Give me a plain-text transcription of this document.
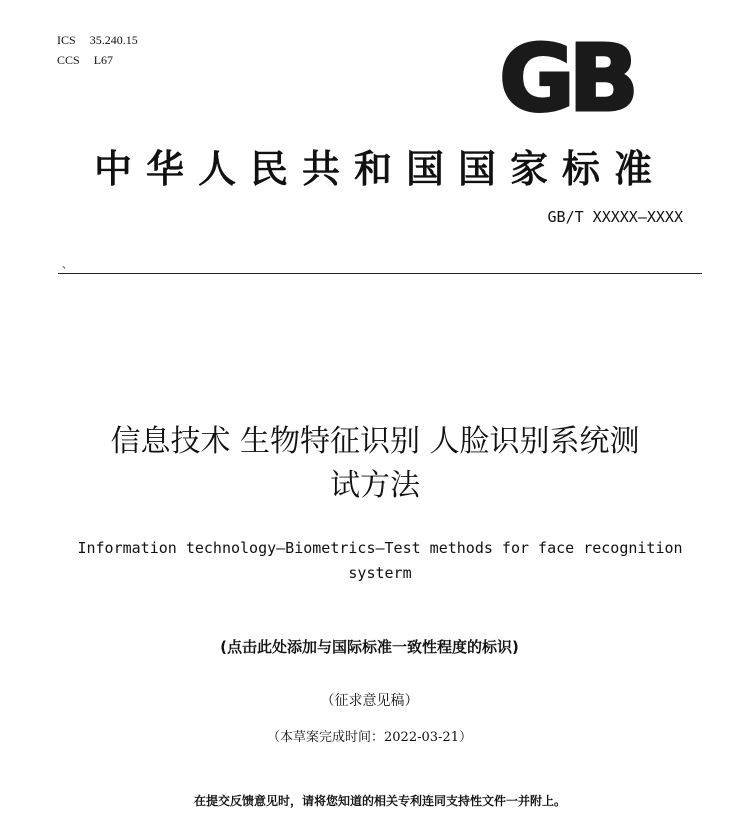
ICS 35.240.15
CCS L67	GB
中华人民共和国国家标准
GB/T XXXXX—XXXX
、
信息技术 生物特征识别 人脸识别系统测
试方法
Information technology—Biometrics—Test methods for face recognition
systerm
(点击此处添加与国际标准一致性程度的标识)
（征求意见稿）
（本草案完成时间：2022-03-21）
在提交反馈意见时，请将您知道的相关专利连同支持性文件一并附上。
